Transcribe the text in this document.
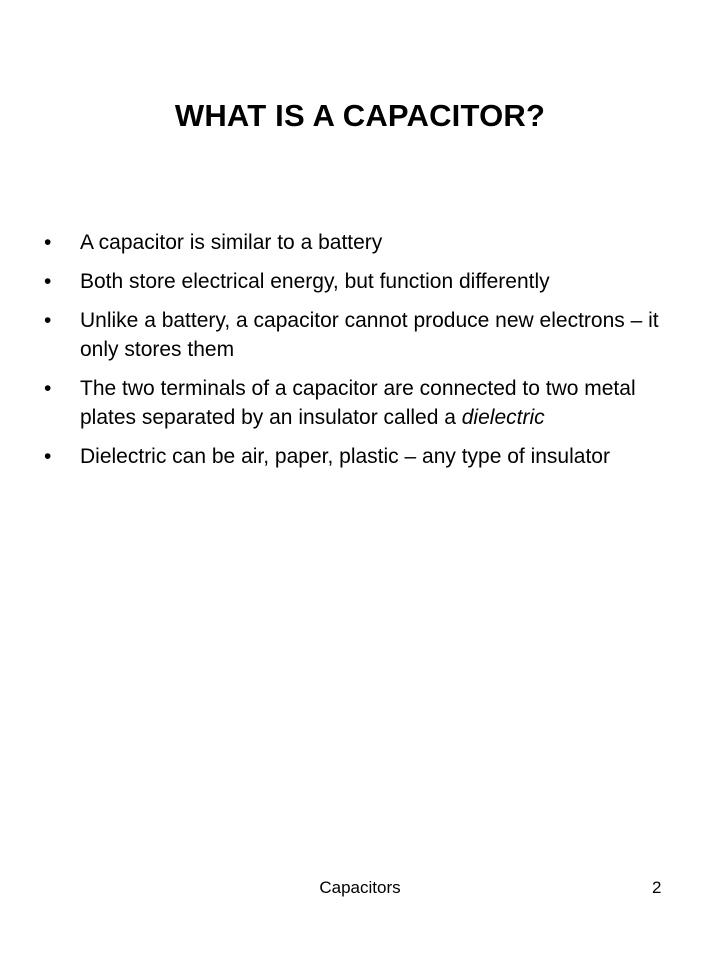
WHAT IS A CAPACITOR?
• A capacitor is similar to a battery
• Both store electrical energy, but function differently
• Unlike a battery, a capacitor cannot produce new electrons – it only stores them
• The two terminals of a capacitor are connected to two metal plates separated by an insulator called a dielectric
• Dielectric can be air, paper, plastic – any type of insulator
Capacitors	2
